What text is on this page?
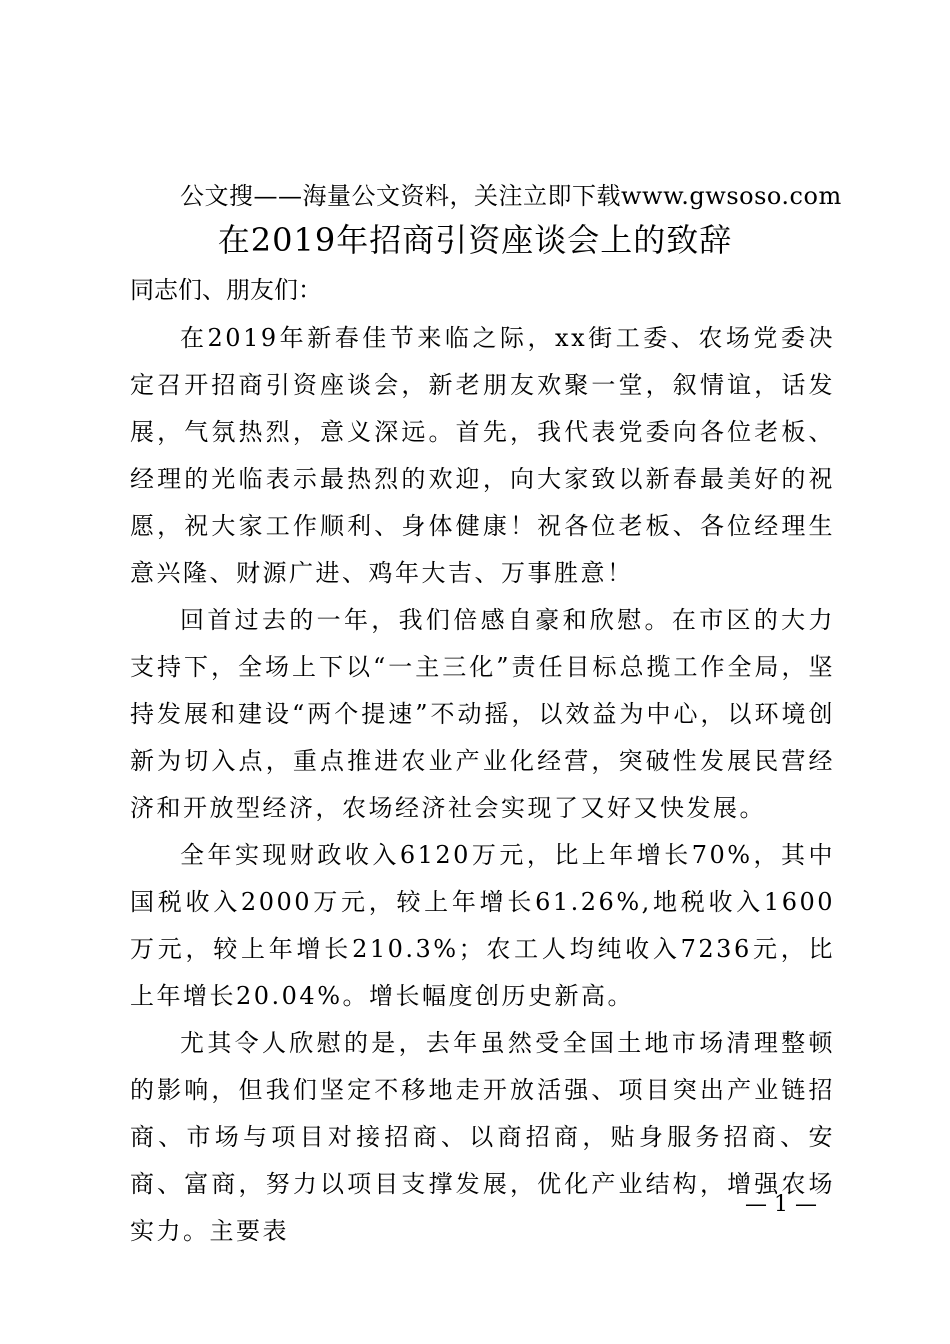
公文搜——海量公文资料，关注立即下载www.gwsoso.com
在2019年招商引资座谈会上的致辞
同志们、朋友们：

在2019年新春佳节来临之际，xx街工委、农场党委决定召开招商引资座谈会，新老朋友欢聚一堂，叙情谊，话发展，气氛热烈，意义深远。首先，我代表党委向各位老板、经理的光临表示最热烈的欢迎，向大家致以新春最美好的祝愿，祝大家工作顺利、身体健康！祝各位老板、各位经理生意兴隆、财源广进、鸡年大吉、万事胜意！

回首过去的一年，我们倍感自豪和欣慰。在市区的大力支持下，全场上下以“一主三化”责任目标总揽工作全局，坚持发展和建设“两个提速”不动摇，以效益为中心，以环境创新为切入点，重点推进农业产业化经营，突破性发展民营经济和开放型经济，农场经济社会实现了又好又快发展。

全年实现财政收入6120万元，比上年增长70%，其中国税收入2000万元，较上年增长61.26%,地税收入1600万元，较上年增长210.3%；农工人均纯收入7236元，比上年增长20.04%。增长幅度创历史新高。

尤其令人欣慰的是，去年虽然受全国土地市场清理整顿的影响，但我们坚定不移地走开放活强、项目突出产业链招商、市场与项目对接招商、以商招商，贴身服务招商、安商、富商，努力以项目支撑发展，优化产业结构，增强农场实力。主要表

— 1 —
